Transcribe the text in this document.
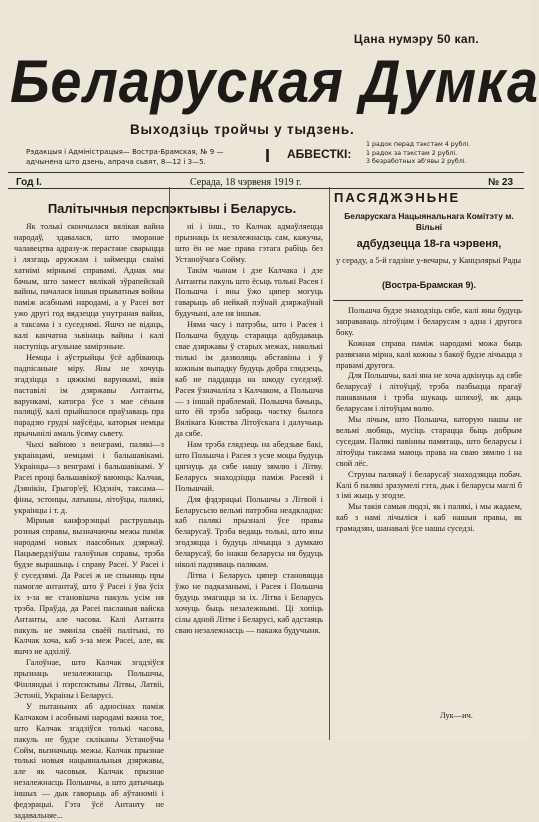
Цана нумэру 50 кап.
Беларуская Думка
Выходзіць тройчы у тыдзень.
Рэдакцыя і Адміністрацыя— Вострa-Брамская, № 9 — адчынена што дзень, апрача сьвят, 8—12 і 3—5.	I АБВЕСТКІ:
1 радок перад тэкстам 4 рублі.
1 радок за тэкстам 2 рублі.
3 безработных аб'явы 2 рублі.
Год I.	Серада, 18 чэрвеня 1919 г.	№ 23
Палітычныя перспэктывы і Беларусь.

Як толькі скончылася вялікая вайна народаў, здавалася, што зморанае чалавецтва адразу-ж перастане сварыцца і лязгаць аружжам і займецца сваімі хатнімі мірнымі справамі. Аднак мы бачым, што замест вялікай эўрапейскай вайны, пачалася іншыя прыватныя войны паміж асабнымі народамі, а у Расеі вот ужо другі год вядзецца унутраная вайна, а таксама і з суседзямі. Яшчэ не відаць, калі канчатна зьвінаць вайны і калі наступіць агульнае замірэньне.

Немцы і аўстрыйцы ўсё адбіваюць падпісаньне міру. Яны не хочуць згадзіцца з цяжкімі варункамі, якія паставілі ім дзяржавы Антанты, варункамі, катогра ўсе з мае сёньня паляціў, калі прыйшлося праўзаваць пра парадзю грудзі наўсёды, каторыя немцы прычынілі амаль ўсяму сьвету.

Чыхі вайною з венграмі, палякі—з украінцамі, немцамі і бальшавікамі. Украінцы—з венграмі і бальшавікамі. У Расеі проці бальшавікоў ваююць: Калчак, Дзянікін, Грыгор'еў, Юдэніч, таксама—фіны, эстонцы, латышы, літоўцы, палякі, украінцы і т. д.

Мірныя канфэрэнцыі раструшыць розныя справы, вызначаючы межы паміж народамі новых паасобных дзяржаў. Пацьвердзіўшы галоўныя справы, трэба будзе вырашыць і справу Расеі. У Расеі і ў суседзямі. Да Расеі ж не спыняць пры памогле антантаў, што ў Расеі і ўва ўсіх іх з-за яе становішча пакуль усім ня трэба. Праўда, да Расеі пасланыя вайска Антанты, але часова. Калі Антанта пакуль не змяніла сваёй палітыкі, то Калчак хоча, каб з-за меж Расеі, але, як яшчэ не адхіліў.

Галоўнае, што Калчак згадзіўся прызнаць незалежнасць Польшчы, Фінляндыі і пэрспэктывы Літвы, Латвіі, Эстоніі, Украіны і Беларусі.

У пытаньнях аб адносінах паміж Калчаком і асобнымі народамі важна тое, што Калчак згадзіўся толькі часова, пакуль не будзе скліканы Устаноўчы Сойм, вызначыць межы. Калчак прызнае толькі новыя нацыянальныя дзяржавы, але як часовыя. Калчак прызнае незалежнасць Польшчы, а што датычыць іншых — дык гаворыць аб аўтаноміі і федэрацыі. Гэта ўсё Антанту не задавальняе...

ні і інш., то Калчак адмаўляецца прызнаць іх незалежнасць сам, кажучы, што ён не мае права гэтага рабіць без Устаноўчага Сойму.

Такім чынам і дзе Калчака і дзе Антанты пакуль што ёсьць толькі Расея і Польшча і яны ўжо цяпер могуць гаварыць аб нейкай пэўнай дзяржаўнай будучыні, але ня іншыя.

Няма часу і патрэбы, што і Расея і Польшча будуць старацца адбудаваць свае дзяржавы ў старых межах, наколькі толькі ім дазволяць абставіны і ў кожным выпадку будуць добра глядзець, каб не паддацца на шкоду суседзяў. Расея ўзначаліла з Калчаком, а Польшча — з іншай праблемай. Польшча бачыць, што ёй трэба забраць частку былога Вялікага Княства Літоўскага і далучыць да сябе.

Нам трэба глядзець на абедзьве бакі, што Польшча і Расея з усяе моцы будуць цягнуць да сябе нашу зямлю і Літву. Беларусь знаходзіцца паміж Расеяй і Польшчай.

Для фэдэрацыі Польшчы з Літвой і Беларусьсю вельмі патрэбна неадкладна: каб палякі прызналі ўсе правы беларусаў. Трэба ведаць толькі, што яны згодзяцца і будуць лічыцца з думкаю беларусаў, бо інакш беларусы ня будуць ніколі падпяваць палякам.

Літва і Беларусь цяпер становяцца ўжо не падказанымі, і Расея і Польшча будуць змагацца за іх. Літва і Беларусь хочуць быць незалежнымі. Ці хопіць сілы адной Літве і Беларусі, каб адстаяць сваю незалежнасць — пакажа будучыня.

ПАСЯДЖЭНЬНЕ
Беларускага Нацыянальнага Комітэту м. Вільні
адбудзецца 18-га чэрвеня,
у сераду, а 5-й гадзіне у-вечары, у Канцэлярыі Рады
(Вострa-Брамская 9).

Польшча будзе знаходзіць сябе, калі яны будуць заправаваць літоўцам і беларусам з адна і другога боку.

Кожная справа паміж народамі можа быць развязана мірна, калі кожны з бакоў будзе лічыцца з правамі другога.

Для Польшчы, калі яна не хоча адкінуць ад сябе беларусаў і літоўцаў, трэба пазбыцца прагаў панаваньня і трэба шукаць шляхоў, як даць беларусам і літоўцам волю.

Мы лічым, што Польшча, каторую нашы не вельмі любяць, мусіць старацца быць добрым суседам. Палякі павінны памятаць, што беларусы і літоўцы таксама маюць права на сваю зямлю і на свой лёс.

Струны палякаў і беларусаў знаходзяцца побач. Калі б палякі зразумелі гэта, дык і беларусы маглі б з імі жыць у згодзе.

Мы такія самыя людзі, як і палякі, і мы жадаем, каб з намі лічыліся і каб нашыя правы, як грамадзян, шанавалі ўсе нашы суседзі.

Лук—ич.
